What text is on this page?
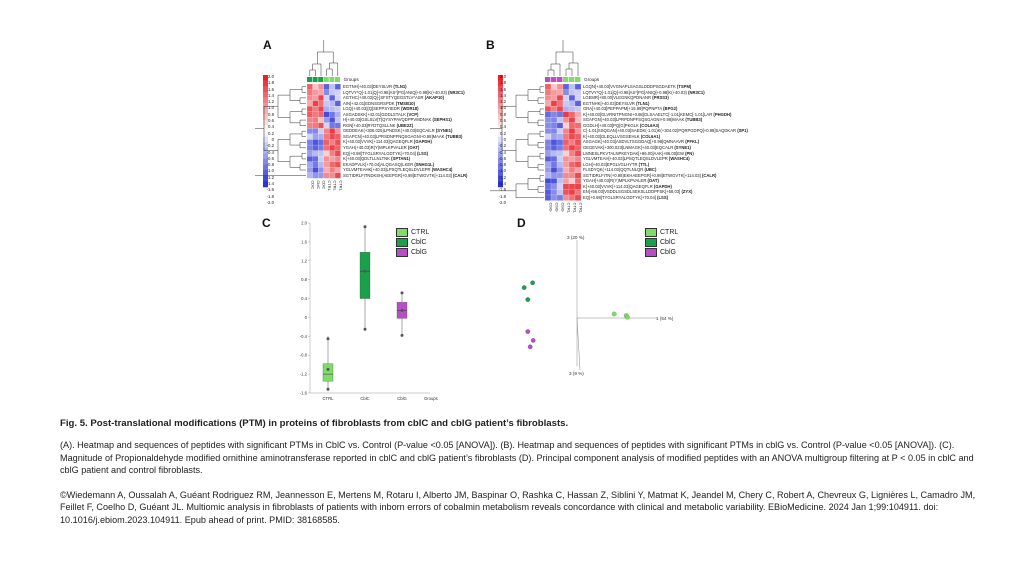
A
Groups
CblC CblC CblC CTRL CTRL CTRL
2.0
1.8
1.6
1.4
1.2
1.0
0.8
0.6
0.4
0.2
0
-0.2
-0.4
-0.6
-0.8
-1.0
-1.2
-1.4
-1.6
-1.8
-2.0
EGTNH[+40.03]DEYSLVR (TLN1)
LQTVY*Q[-1.01]Q[+0.98]AS*[PG]ANIQ[+0.98]K(+40.03) (NR3C1)
AGTHC(+40.03)Q[-]SFSTYQEGSTLV*ASR (AKAP10)
AIN[+42.01]EDNSGRSPDK (TMSB10)
LGQ(+40.03)[Q]SEPPSYIEDR (WDR18)
ASGADSKK[+42.01]GDDLSTALK (VCP)
H[+40.03]GSLSLV[T]QYSYPAVQDPPVMDNAK (SEPHS1)
RGN[+40.03]RYDTQSLLNK (UBE2Z)
GEDDEAK(+306.025)LPNDSK(+40.03)EQCAILR (SYNE1)
SGAPCN[+40.03]LPRSDNPFNQSGAGNI+0.98]MAAK (TUBB3)
K[+40.03]VVVK[+114.03]QAGEQFLR (GAPDH)
YGAH(+40.03)R(Y)MPLKPVALER (OAT)
EQ[+0.98]TYGLSRYALGDTYK[+70.04] (LSS)
K[+40.03]QDLTLLNLTNK (SPTAN1)
EKADPVLK[+70.04]ALQGASQ(LKER (SNHG1L)
YGLVMTEAHK[+40.03]LPSQTLEQSLDVLEPR (WASHC4)
SGTIDRLFITNDKSH(AEEPGR[+0.98]ETWGVTK[+114.03] (CALR)
B
Groups
CblG CblG CblG CTRL CTRL CTRL
2.0
1.8
1.6
1.4
1.2
1.0
0.8
0.6
0.4
0.2
0
-0.2
-0.4
-0.6
-0.8
-1.0
-1.2
-1.4
-1.6
-1.8
-2.0
LGQN[+40.03]VVGNAPLSAGSLDDDPSGDAETK (TSPM)
LQTVY*Q[-1.01]Q[+0.98]AS*[PG]ANIQ[+0.98]K(+40.03) (NR3C1)
LGEMR[+80.00]VLEGNKQPDNANR (PRSS3)
EGTNHK[+40.03]DEYSLVR (TLN1)
GRA[+40.03]PEPPAPM[+15.99]PQPNPTA (BPG2)
K[+40.03]GLVRNITPNGNI+0.98]GLSAAELTC[-1.01]KEMC[-1.01]LAR (PHGDH)
SGAFGN[+40.03]LPRPDNPFSQSGAGNI+0.98]MAAK (TUBB3)
GGDLH[+40.03]PQ[G]PKGLK (COL6A3)
C[-1.01]SSQGAN[+40.03]SAEDK(-1.01)K(+304.02)PQRPGDPQ[+0.98]SAQDKAR (SP1)
K[+40.03]GLEQLLVSGSEHLK (COL6A1)
ASGAGK[+40.03]ASDVLTSGGDAQ[+0.98]QMNAAVR (PFKL)
GEGEVAK[+300.023]LNMAGK[+40.03]EQCALR (SYNE1)
LMNESLPKVTALNPKEYDAK[+86.00]AAK[+86.00]EW (PN)
YGLVMTEAH[+40.03]LPSQTLEQSLDVLEPR (WASHC4)
LGH[+40.03]EPGLVGLHYTR (TTL)
FLSDYQK(+114.03)QQTLNLQR (UBC)
SGTIDRLFITN(+0.98)EKHAEEPGR[+0.98]ETWGVTK[+114.03] (CALR)
YGAH[+40.03]R(Y)MPLKPVALER (OAT)
K[+40.03]VVVK[+114.03]QAGEQFLR (GAPDH)
EN[+56.03]VSDDLSGSDLSEKSLLDDPFSK[+58.03] (ZYX)
EQ[+0.98]TYGLSRYALGDTYK[+70.04] (LSS)
C	2.0
1.6
1.2
0.8
0.4
0
-0.4
-0.8
-1.2
-1.6
CTRL	CblC	CblG	Groups
CTRL
CblC
CblG
D
3 (20 %)
1 (54 %)
3 (9 %)
CTRL
CblC
CblG

Fig. 5. Post-translational modifications (PTM) in proteins of fibroblasts from cblC and cblG patient’s fibroblasts.

(A). Heatmap and sequences of peptides with significant PTMs in CblC vs. Control (P-value <0.05 [ANOVA]). (B). Heatmap and sequences of peptides with significant PTMs in cblG vs. Control (P-value <0.05 [ANOVA]). (C). Magnitude of Propionaldehyde modified ornithine aminotransferase reported in cblC and cblG patient’s fibroblasts (D). Principal component analysis of modified peptides with an ANOVA multigroup filtering at P < 0.05 in cblC and cblG patient and control fibroblasts.

©Wiedemann A, Oussalah A, Guéant Rodriguez RM, Jeannesson E, Mertens M, Rotaru I, Alberto JM, Baspinar O, Rashka C, Hassan Z, Siblini Y, Matmat K, Jeandel M, Chery C, Robert A, Chevreux G, Lignières L, Camadro JM, Feillet F, Coelho D, Guéant JL. Multiomic analysis in fibroblasts of patients with inborn errors of cobalmin metabolism reveals concordance with clinical and metabolic variability. EBioMedicine. 2024 Jan 1;99:104911. doi: 10.1016/j.ebiom.2023.104911. Epub ahead of print. PMID: 38168585.
